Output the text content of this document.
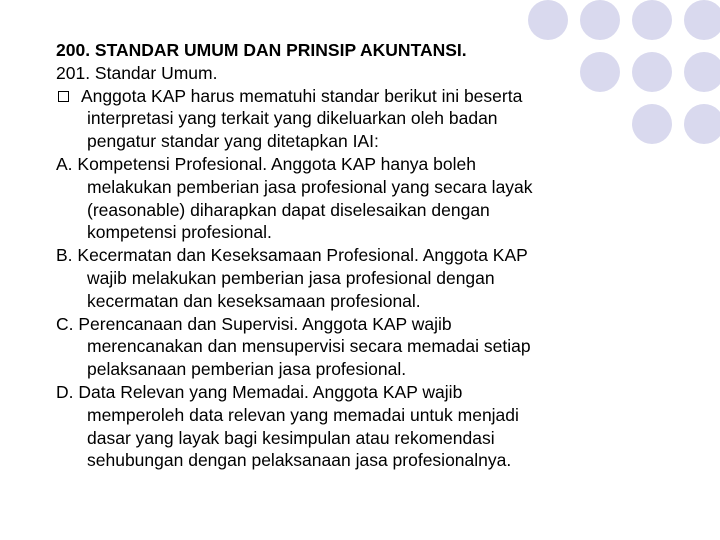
200. STANDAR UMUM DAN PRINSIP AKUNTANSI.
201. Standar Umum.
Anggota KAP harus mematuhi standar berikut ini beserta
interpretasi yang terkait yang dikeluarkan oleh badan
pengatur standar yang ditetapkan IAI:
A. Kompetensi Profesional. Anggota KAP hanya boleh
melakukan pemberian jasa profesional yang secara layak
(reasonable) diharapkan dapat diselesaikan dengan
kompetensi profesional.
B. Kecermatan dan Keseksamaan Profesional. Anggota KAP
wajib melakukan pemberian jasa profesional dengan
kecermatan dan keseksamaan profesional.
C. Perencanaan dan Supervisi. Anggota KAP wajib
merencanakan dan mensupervisi secara memadai setiap
pelaksanaan pemberian jasa profesional.
D. Data Relevan yang Memadai. Anggota KAP wajib
memperoleh data relevan yang memadai untuk menjadi
dasar yang layak bagi kesimpulan atau rekomendasi
sehubungan dengan pelaksanaan jasa profesionalnya.
